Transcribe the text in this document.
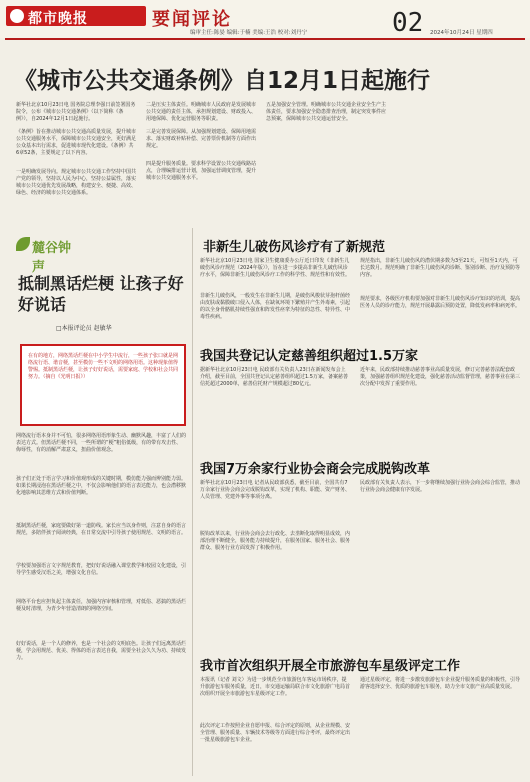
都市晚报	要闻评论
编审主任:陈晏 编辑:于楠 美编:王浩 校对:刘丹宁	02 2024年10月24日 星期四
《城市公共交通条例》自12月1日起施行

新华社北京10月23日电 国务院总理李强日前签署国务院令，公布《城市公共交通条例》（以下简称《条例》），自2024年12月1日起施行。

《条例》旨在推动城市公共交通高质量发展，提升城市公共交通服务水平，保障城市公共交通安全，更好满足公众基本出行需求，促进城市现代化建设。《条例》共6章52条，主要规定了以下内容。

一是明确发展导向。规定城市公共交通工作坚持中国共产党的领导，坚持以人民为中心，坚持公益属性，落实城市公共交通优先发展战略，构建安全、便捷、高效、绿色、经济的城市公共交通体系。

二是压实主体责任。明确城市人民政府是发展城市公共交通的责任主体，承担规划建设、财政投入、用地保障、优化运营服务等职责。

三是完善发展保障。从加强规划建设、保障用地需求、落实财政补贴补偿、完善票价机制等方面作出规定。

四是提升服务质量。要求科学设置公共交通线路站点，合理编排运营计划，加强运营调度管理，提升城市公共交通服务水平。

五是加强安全管理。明确城市公共交通企业安全生产主体责任，要求加强安全隐患排查治理，制定突发事件应急预案，保障城市公共交通运营安全。

麓谷钟声
抵制黑话烂梗 让孩子好好说话
□本报评论员 赵敏华

在有的地方，网络黑话烂梗在中小学生中流行，一些孩子张口就是网络流行语、谐音梗，甚至模仿一些不文明的网络用语。这种现象值得警惕。抵制黑话烂梗，让孩子好好说话，需要家庭、学校和社会共同努力。（摘自《光明日报》）

网络流行语本身并不可怕，很多网络用语形象生动、幽默风趣，丰富了人们的表达方式。但黑话烂梗不同，一些所谓的“梗”粗俗低级，有的带有攻击性、侮辱性，有的消解严肃意义，扭曲价值观念。

孩子们正处于语言学习和价值观形成的关键时期，模仿能力强而辨别能力弱。如果长期浸泡在黑话烂梗之中，不仅会影响他们的语言表达能力，也会潜移默化地影响其思维方式和价值判断。

抵制黑话烂梗，家庭要做好第一道防线。家长应当以身作则，注意自身的语言规范，多陪伴孩子阅读经典，在日常交流中引导孩子使用规范、文明的语言。

学校要加强语言文字规范教育，把好好说话融入课堂教学和校园文化建设，引导学生感受汉语之美，增强文化自信。

网络平台也应担负起主体责任，加强内容审核和管理，对低俗、恶搞的黑话烂梗及时清理，为青少年营造清朗的网络空间。

好好说话，是一个人的修养，也是一个社会的文明底色。让孩子们远离黑话烂梗，学会用规范、优美、得体的语言表达自我，需要全社会久久为功、持续发力。

非新生儿破伤风诊疗有了新规范

新华社北京10月23日电 国家卫生健康委办公厅近日印发《非新生儿破伤风诊疗规范（2024年版）》，旨在进一步提高非新生儿破伤风诊疗水平，保障非新生儿破伤风诊疗工作的科学性、规范性和有效性。

非新生儿破伤风，一般发生在非新生儿期，是破伤风梭状芽孢杆菌经由皮肤或黏膜破口侵入人体，在缺氧环境下繁殖并产生外毒素，引起的以全身骨骼肌持续性强直和阵发性痉挛为特征的急性、特异性、中毒性疾病。

规范指出，非新生儿破伤风的潜伏期多数为3至21天，可短至1天内，可长达数月。规范明确了非新生儿破伤风的诊断、鉴别诊断、治疗及预防等内容。

规范要求，各级医疗机构要加强对非新生儿破伤风诊疗知识的培训，提高医务人员的诊疗能力，规范开展暴露后预防处置，降低发病率和病死率。

我国共登记认定慈善组织超过1.5万家

据新华社北京10月23日电 民政部有关负责人23日在新闻发布会上介绍，截至目前，全国共登记认定慈善组织超过1.5万家，备案慈善信托超过2000单，慈善信托财产规模超过80亿元。

近年来，民政部持续推动慈善事业高质量发展，修订完善慈善法配套政策，加强慈善组织规范化建设，强化慈善活动监督管理，慈善事业在第三次分配中发挥了重要作用。

我国7万余家行业协会商会完成脱钩改革

新华社北京10月23日电 记者从民政部获悉，截至目前，全国共有7万余家行业协会商会完成脱钩改革，实现了机构、职能、资产财务、人员管理、党建外事等事项分离。

脱钩改革以来，行业协会商会去行政化、去垄断化取得明显成效，内部治理不断健全，服务能力持续提升，在服务国家、服务社会、服务群众、服务行业方面发挥了积极作用。

民政部有关负责人表示，下一步将继续加强行业协会商会综合监管，推动行业协会商会健康有序发展。

我市首次组织开展全市旅游包车星级评定工作

本报讯（记者 刘文）为进一步规范全市旅游包车客运市场秩序，提升旅游包车服务质量，近日，市交通运输局联合市文化旅游广电局首次组织开展全市旅游包车星级评定工作。

此次评定工作按照企业自愿申报、综合评定的原则，从企业规模、安全管理、服务质量、车辆技术等级等方面进行综合考评，最终评定出一批星级旅游包车企业。

通过星级评定，将进一步激发旅游包车企业提升服务质量的积极性，引导游客选择安全、优质的旅游包车服务，助力全市文旅产业高质量发展。
